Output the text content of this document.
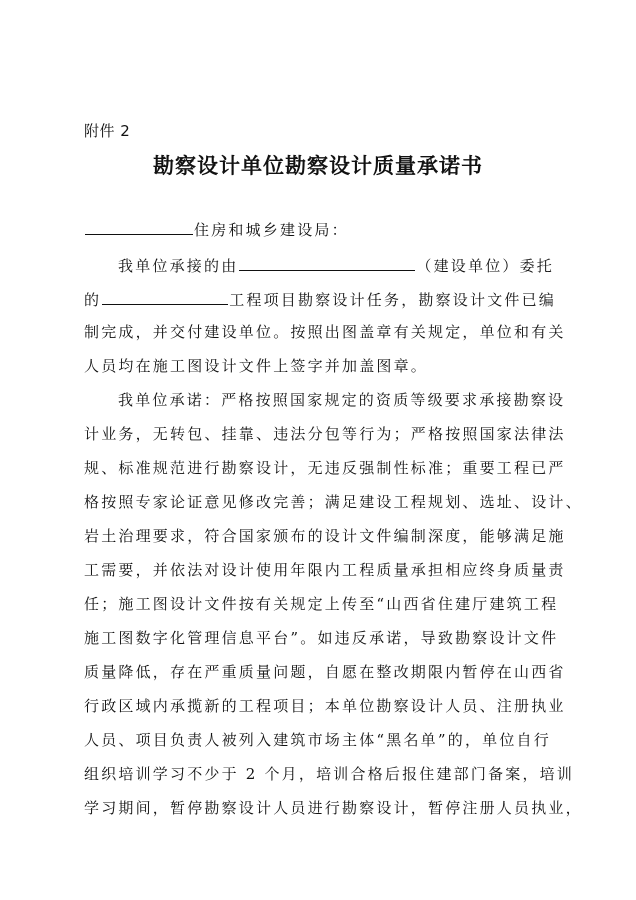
附件 2
勘察设计单位勘察设计质量承诺书
住房和城乡建设局：
我单位承接的由	（建设单位）委托
的	工程项目勘察设计任务，勘察设计文件已编
制完成，并交付建设单位。按照出图盖章有关规定，单位和有关
人员均在施工图设计文件上签字并加盖图章。
我单位承诺：严格按照国家规定的资质等级要求承接勘察设
计业务，无转包、挂靠、违法分包等行为；严格按照国家法律法
规、标准规范进行勘察设计，无违反强制性标准；重要工程已严
格按照专家论证意见修改完善；满足建设工程规划、选址、设计、
岩土治理要求，符合国家颁布的设计文件编制深度，能够满足施
工需要，并依法对设计使用年限内工程质量承担相应终身质量责
任；施工图设计文件按有关规定上传至“山西省住建厅建筑工程
施工图数字化管理信息平台”。如违反承诺，导致勘察设计文件
质量降低，存在严重质量问题，自愿在整改期限内暂停在山西省
行政区域内承揽新的工程项目；本单位勘察设计人员、注册执业
人员、项目负责人被列入建筑市场主体“黑名单”的，单位自行
组织培训学习不少于 2 个月，培训合格后报住建部门备案，培训
学习期间，暂停勘察设计人员进行勘察设计，暂停注册人员执业，
